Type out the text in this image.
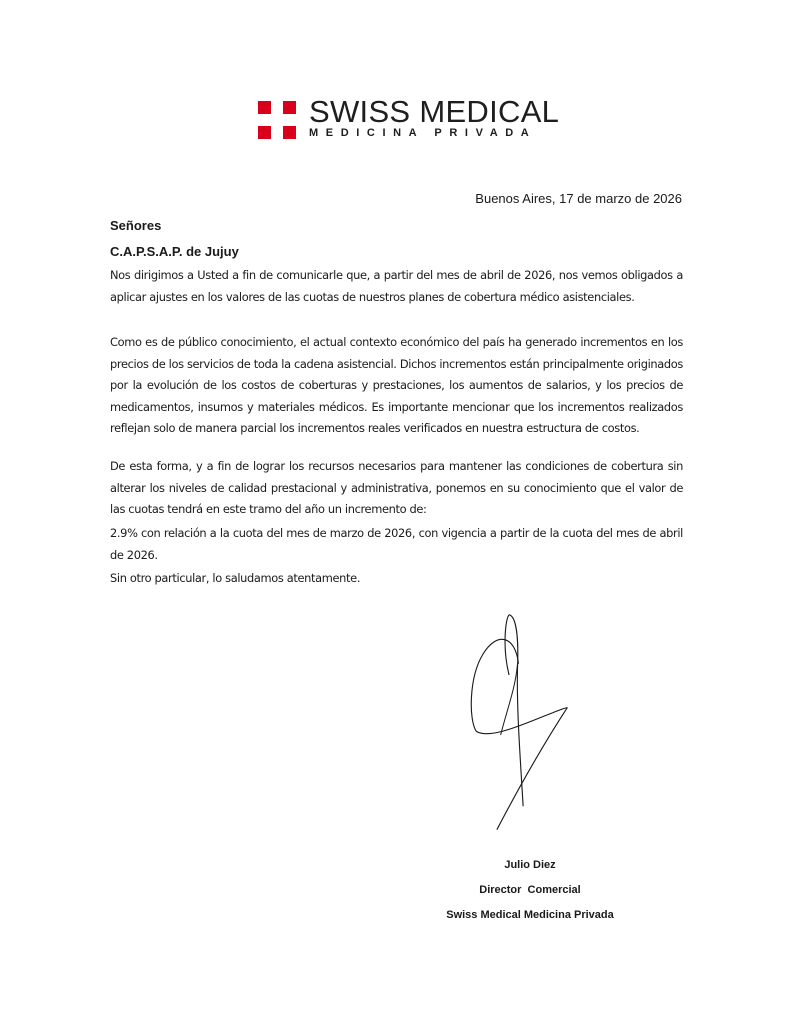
SWISS MEDICAL
MEDICINA PRIVADA
Buenos Aires, 17 de marzo de 2026
Señores
C.A.P.S.A.P. de Jujuy

Nos dirigimos a Usted a fin de comunicarle que, a partir del mes de abril de 2026, nos vemos obligados a aplicar ajustes en los valores de las cuotas de nuestros planes de cobertura médico asistenciales.

Como es de público conocimiento, el actual contexto económico del país ha generado incrementos en los precios de los servicios de toda la cadena asistencial. Dichos incrementos están principalmente originados por la evolución de los costos de coberturas y prestaciones, los aumentos de salarios, y los precios de medicamentos, insumos y materiales médicos. Es importante mencionar que los incrementos realizados reflejan solo de manera parcial los incrementos reales verificados en nuestra estructura de costos.

De esta forma, y a fin de lograr los recursos necesarios para mantener las condiciones de cobertura sin alterar los niveles de calidad prestacional y administrativa, ponemos en su conocimiento que el valor de las cuotas tendrá en este tramo del año un incremento de:

2.9% con relación a la cuota del mes de marzo de 2026, con vigencia a partir de la cuota del mes de abril de 2026.

Sin otro particular, lo saludamos atentamente.

Julio Diez
Director  Comercial
Swiss Medical Medicina Privada
